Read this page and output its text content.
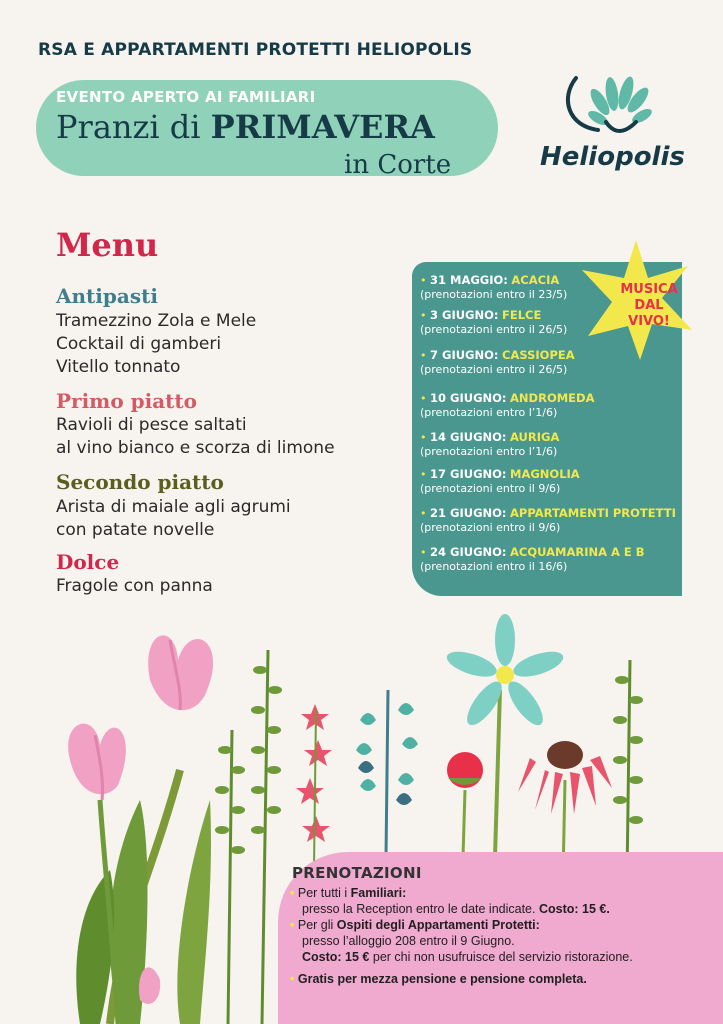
RSA E APPARTAMENTI PROTETTI HELIOPOLIS
EVENTO APERTO AI FAMILIARI
Pranzi di PRIMAVERA
in Corte	Heliopolis
Menu
Antipasti
Tramezzino Zola e Mele
Cocktail di gamberi
Vitello tonnato
Primo piatto
Ravioli di pesce saltati
al vino bianco e scorza di limone
Secondo piatto
Arista di maiale agli agrumi
con patate novelle
Dolce
Fragole con panna
• 31 MAGGIO: ACACIA
(prenotazioni entro il 23/5)
• 3 GIUGNO: FELCE
(prenotazioni entro il 26/5)
• 7 GIUGNO: CASSIOPEA
(prenotazioni entro il 26/5)
• 10 GIUGNO: ANDROMEDA
(prenotazioni entro l’1/6)
• 14 GIUGNO: AURIGA
(prenotazioni entro l’1/6)
• 17 GIUGNO: MAGNOLIA
(prenotazioni entro il 9/6)
• 21 GIUGNO: APPARTAMENTI PROTETTI
(prenotazioni entro il 9/6)
• 24 GIUGNO: ACQUAMARINA A E B
(prenotazioni entro il 16/6)
MUSICA
DAL VIVO!
PRENOTAZIONI
• Per tutti i Familiari:
presso la Reception entro le date indicate. Costo: 15 €.
• Per gli Ospiti degli Appartamenti Protetti:
presso l’alloggio 208 entro il 9 Giugno.
Costo: 15 € per chi non usufruisce del servizio ristorazione.
• Gratis per mezza pensione e pensione completa.
